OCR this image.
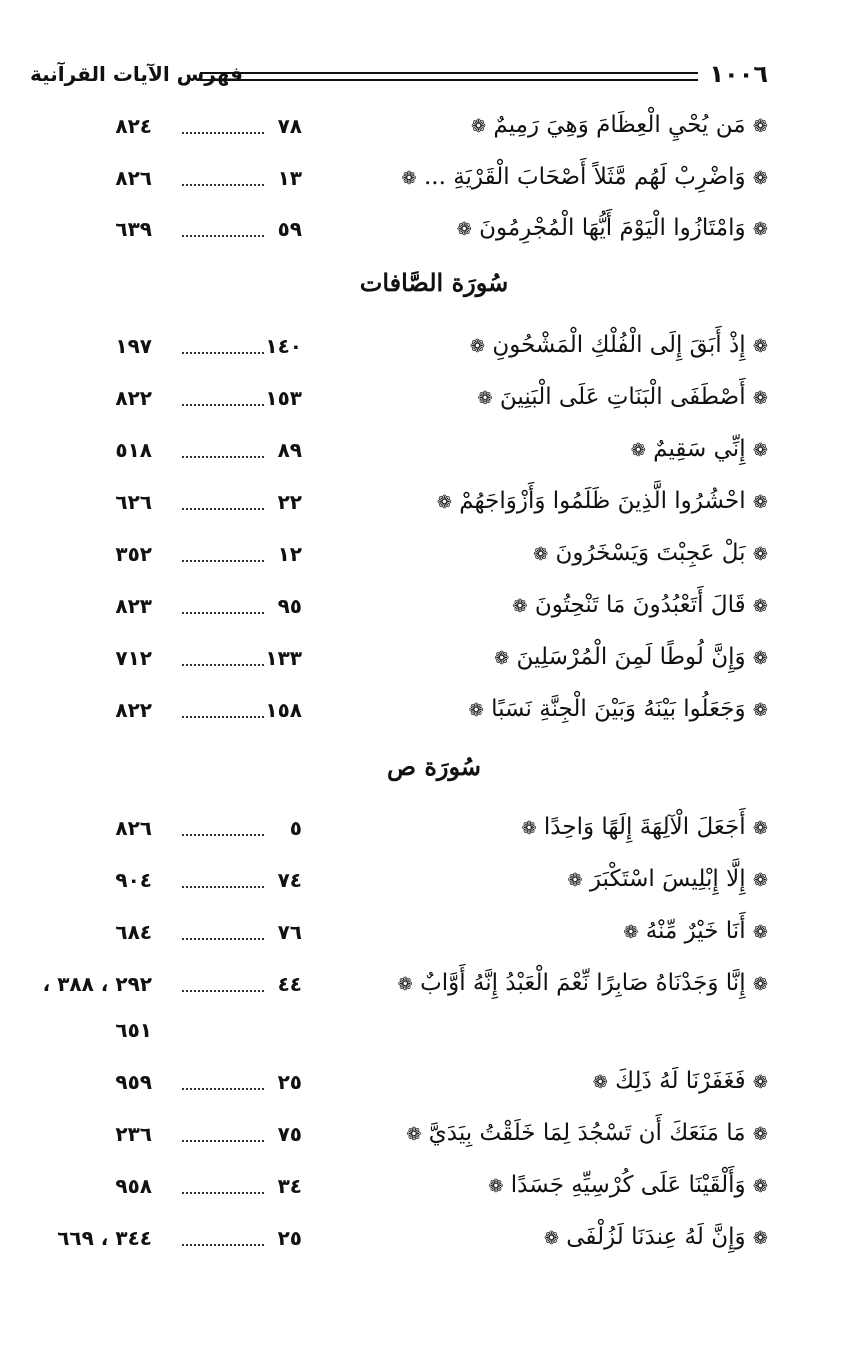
١٠٠٦
فهرس الآيات القرآنية
❁ مَن يُحْيِ الْعِظَامَ وَهِيَ رَمِيمٌ ❁
٧٨
٨٢٤
❁ وَاضْرِبْ لَهُم مَّثَلاً أَصْحَابَ الْقَرْيَةِ ... ❁
١٣
٨٢٦
❁ وَامْتَازُوا الْيَوْمَ أَيُّهَا الْمُجْرِمُونَ ❁
٥٩
٦٣٩
سُورَة الصَّافات
❁ إِذْ أَبَقَ إِلَى الْفُلْكِ الْمَشْحُونِ ❁
١٤٠
١٩٧
❁ أَصْطَفَى الْبَنَاتِ عَلَى الْبَنِينَ ❁
١٥٣
٨٢٢
❁ إِنِّي سَقِيمٌ ❁
٨٩
٥١٨
❁ احْشُرُوا الَّذِينَ ظَلَمُوا وَأَزْوَاجَهُمْ ❁
٢٢
٦٢٦
❁ بَلْ عَجِبْتَ وَيَسْخَرُونَ ❁
١٢
٣٥٢
❁ قَالَ أَتَعْبُدُونَ مَا تَنْحِتُونَ ❁
٩٥
٨٢٣
❁ وَإِنَّ لُوطًا لَمِنَ الْمُرْسَلِينَ ❁
١٣٣
٧١٢
❁ وَجَعَلُوا بَيْنَهُ وَبَيْنَ الْجِنَّةِ نَسَبًا ❁
١٥٨
٨٢٢
سُورَة ص
❁ أَجَعَلَ الْآلِهَةَ إِلَهًا وَاحِدًا ❁
٥
٨٢٦
❁ إِلَّا إِبْلِيسَ اسْتَكْبَرَ ❁
٧٤
٩٠٤
❁ أَنَا خَيْرٌ مِّنْهُ ❁
٧٦
٦٨٤
❁ إِنَّا وَجَدْنَاهُ صَابِرًا نِّعْمَ الْعَبْدُ إِنَّهُ أَوَّابٌ ❁
٤٤
٢٩٢ ، ٣٨٨ ،
٦٥١
❁ فَغَفَرْنَا لَهُ ذَلِكَ ❁
٢٥
٩٥٩
❁ مَا مَنَعَكَ أَن تَسْجُدَ لِمَا خَلَقْتُ بِيَدَيَّ ❁
٧٥
٢٣٦
❁ وَأَلْقَيْنَا عَلَى كُرْسِيِّهِ جَسَدًا ❁
٣٤
٩٥٨
❁ وَإِنَّ لَهُ عِندَنَا لَزُلْفَى ❁
٢٥
٣٤٤ ، ٦٦٩
